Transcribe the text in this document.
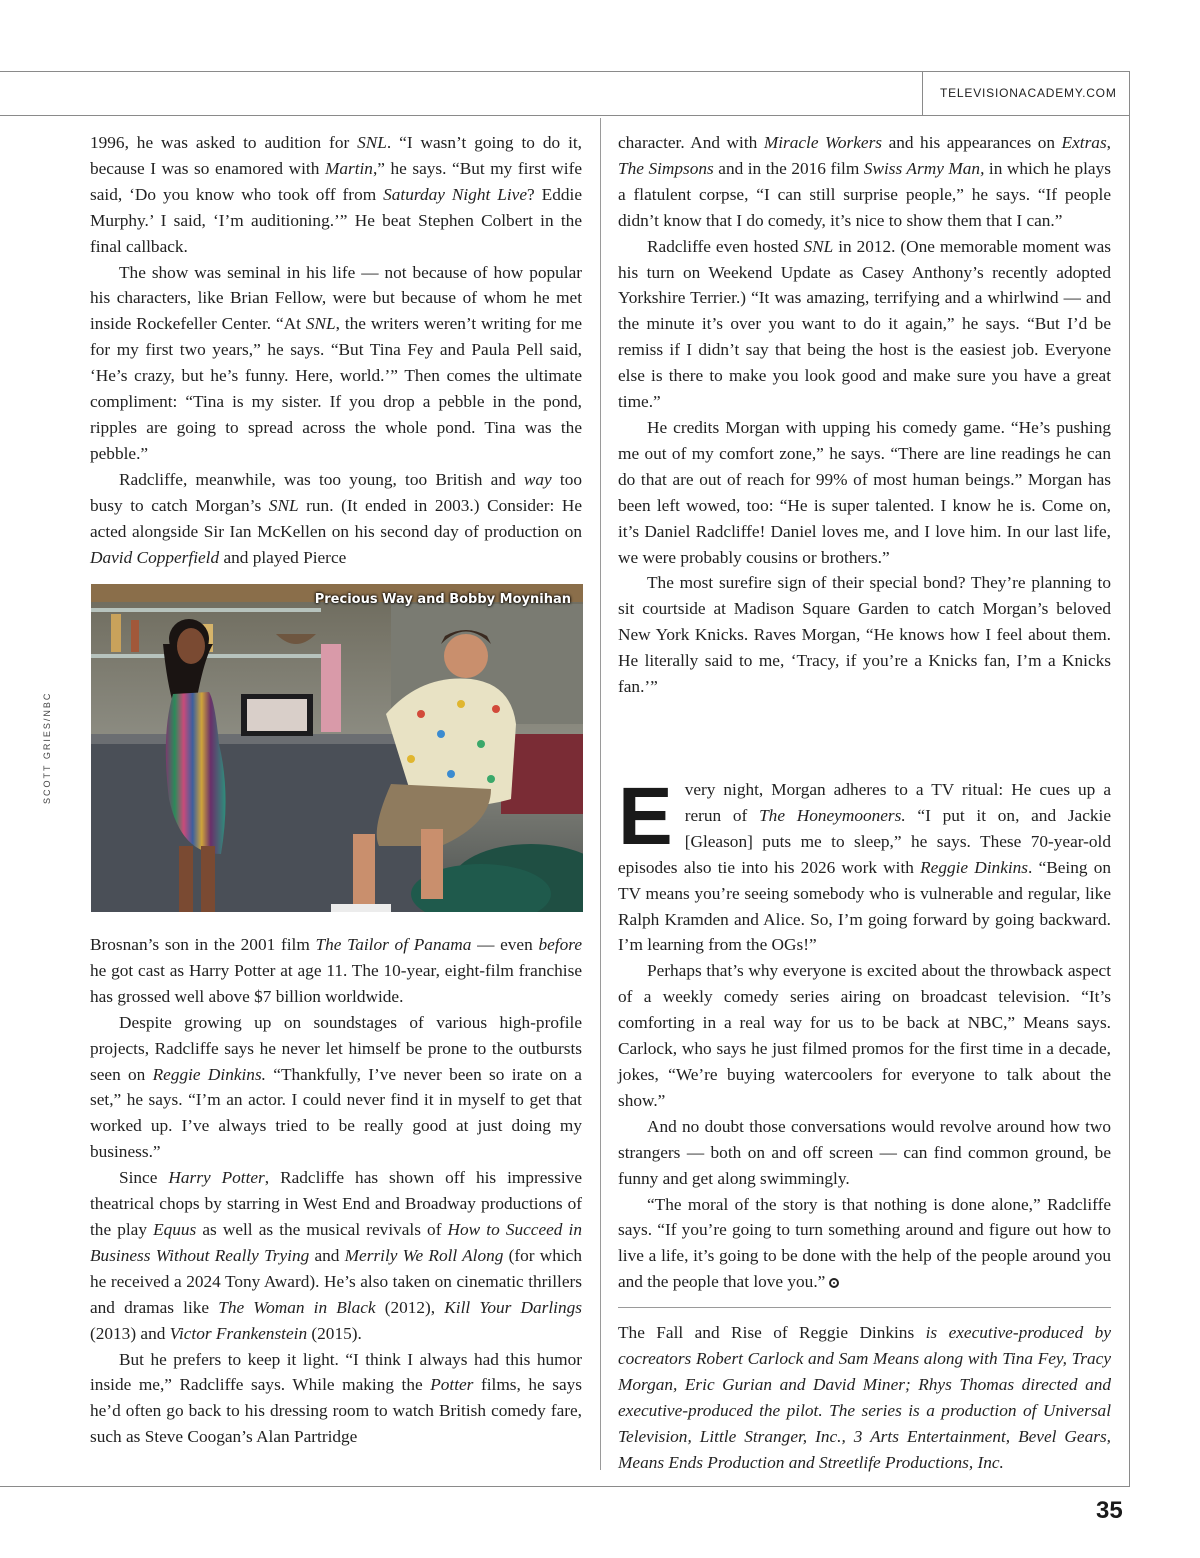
TELEVISIONACADEMY.COM
SCOTT GRIES/NBC

1996, he was asked to audition for SNL. “I wasn’t going to do it, because I was so enamored with Martin,” he says. “But my first wife said, ‘Do you know who took off from Saturday Night Live? Eddie Murphy.’ I said, ‘I’m auditioning.’” He beat Stephen Colbert in the final callback.

The show was seminal in his life — not because of how popular his characters, like Brian Fellow, were but because of whom he met inside Rockefeller Center. “At SNL, the writers weren’t writing for me for my first two years,” he says. “But Tina Fey and Paula Pell said, ‘He’s crazy, but he’s funny. Here, world.’” Then comes the ultimate compliment: “Tina is my sister. If you drop a pebble in the pond, ripples are going to spread across the whole pond. Tina was the pebble.”

Radcliffe, meanwhile, was too young, too British and way too busy to catch Morgan’s SNL run. (It ended in 2003.) Consider: He acted alongside Sir Ian McKellen on his second day of production on David Copperfield and played Pierce

Precious Way and Bobby Moynihan

Brosnan’s son in the 2001 film The Tailor of Panama — even before he got cast as Harry Potter at age 11. The 10-year, eight-film franchise has grossed well above $7 billion worldwide.

Despite growing up on soundstages of various high-profile projects, Radcliffe says he never let himself be prone to the outbursts seen on Reggie Dinkins. “Thankfully, I’ve never been so irate on a set,” he says. “I’m an actor. I could never find it in myself to get that worked up. I’ve always tried to be really good at just doing my business.”

Since Harry Potter, Radcliffe has shown off his impressive theatrical chops by starring in West End and Broadway productions of the play Equus as well as the musical revivals of How to Succeed in Business Without Really Trying and Merrily We Roll Along (for which he received a 2024 Tony Award). He’s also taken on cinematic thrillers and dramas like The Woman in Black (2012), Kill Your Darlings (2013) and Victor Frankenstein (2015).

But he prefers to keep it light. “I think I always had this humor inside me,” Radcliffe says. While making the Potter films, he says he’d often go back to his dressing room to watch British comedy fare, such as Steve Coogan’s Alan Partridge

character. And with Miracle Workers and his appearances on Extras, The Simpsons and in the 2016 film Swiss Army Man, in which he plays a flatulent corpse, “I can still surprise people,” he says. “If people didn’t know that I do comedy, it’s nice to show them that I can.”

Radcliffe even hosted SNL in 2012. (One memorable moment was his turn on Weekend Update as Casey Anthony’s recently adopted Yorkshire Terrier.) “It was amazing, terrifying and a whirlwind — and the minute it’s over you want to do it again,” he says. “But I’d be remiss if I didn’t say that being the host is the easiest job. Everyone else is there to make you look good and make sure you have a great time.”

He credits Morgan with upping his comedy game. “He’s pushing me out of my comfort zone,” he says. “There are line readings he can do that are out of reach for 99% of most human beings.” Morgan has been left wowed, too: “He is super talented. I know he is. Come on, it’s Daniel Radcliffe! Daniel loves me, and I love him. In our last life, we were probably cousins or brothers.”

The most surefire sign of their special bond? They’re planning to sit courtside at Madison Square Garden to catch Morgan’s beloved New York Knicks. Raves Morgan, “He knows how I feel about them. He literally said to me, ‘Tracy, if you’re a Knicks fan, I’m a Knicks fan.’”

Every night, Morgan adheres to a TV ritual: He cues up a rerun of The Honeymooners. “I put it on, and Jackie [Gleason] puts me to sleep,” he says. These 70-year-old episodes also tie into his 2026 work with Reggie Dinkins. “Being on TV means you’re seeing somebody who is vulnerable and regular, like Ralph Kramden and Alice. So, I’m going forward by going backward. I’m learning from the OGs!”

Perhaps that’s why everyone is excited about the throwback aspect of a weekly comedy series airing on broadcast television. “It’s comforting in a real way for us to be back at NBC,” Means says. Carlock, who says he just filmed promos for the first time in a decade, jokes, “We’re buying watercoolers for everyone to talk about the show.”

And no doubt those conversations would revolve around how two strangers — both on and off screen — can find common ground, be funny and get along swimmingly.

“The moral of the story is that nothing is done alone,” Radcliffe says. “If you’re going to turn something around and figure out how to live a life, it’s going to be done with the help of the people around you and the people that love you.”

The Fall and Rise of Reggie Dinkins is executive-produced by cocreators Robert Carlock and Sam Means along with Tina Fey, Tracy Morgan, Eric Gurian and David Miner; Rhys Thomas directed and executive-produced the pilot. The series is a production of Universal Television, Little Stranger, Inc., 3 Arts Entertainment, Bevel Gears, Means Ends Production and Streetlife Productions, Inc.
35
